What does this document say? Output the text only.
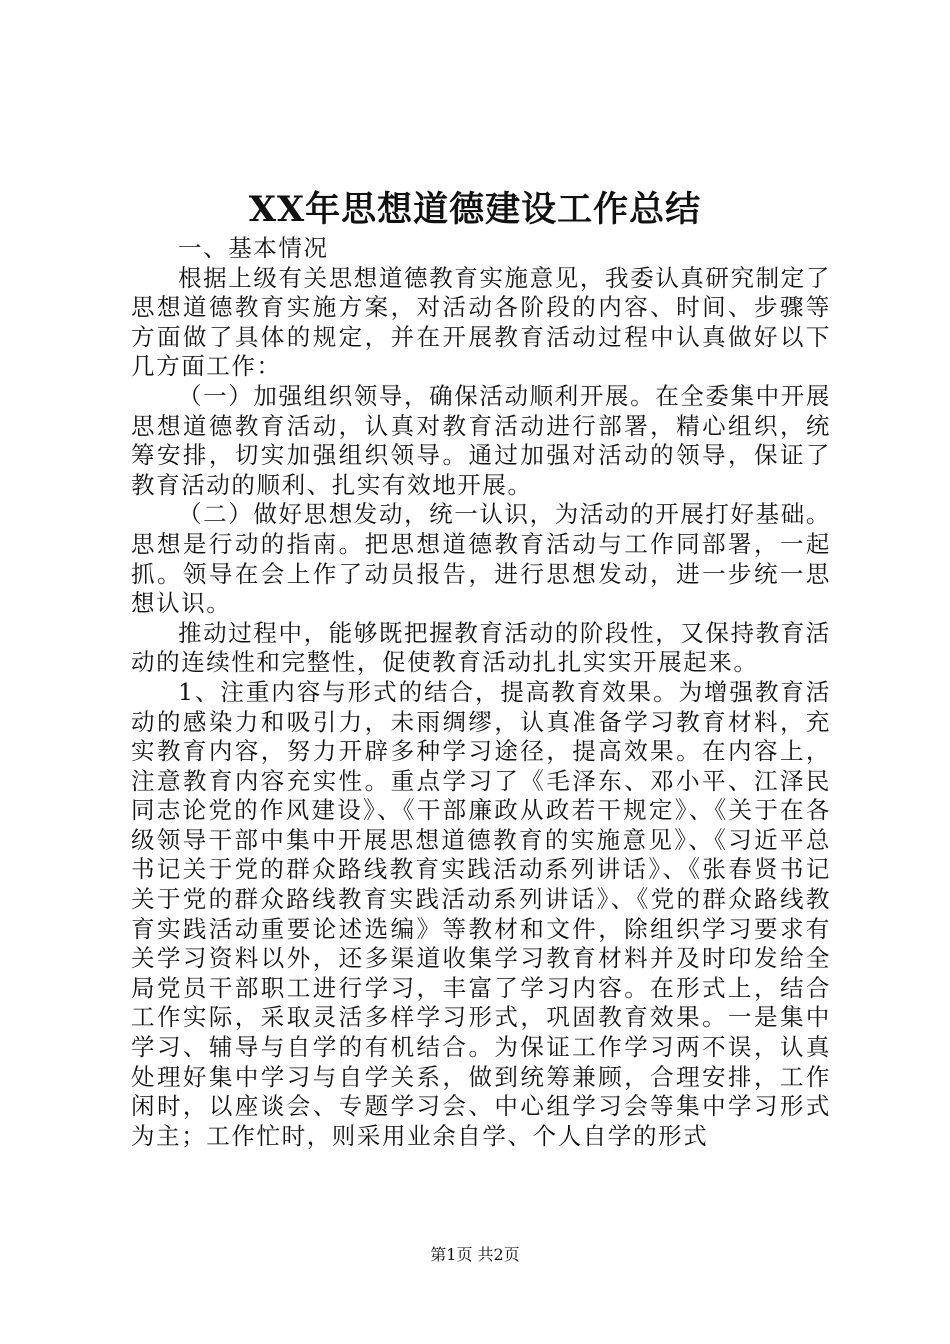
XX年思想道德建设工作总结

一、基本情况

根据上级有关思想道德教育实施意见，我委认真研究制定了思想道德教育实施方案，对活动各阶段的内容、时间、步骤等方面做了具体的规定，并在开展教育活动过程中认真做好以下几方面工作：

（一）加强组织领导，确保活动顺利开展。在全委集中开展思想道德教育活动，认真对教育活动进行部署，精心组织，统筹安排，切实加强组织领导。通过加强对活动的领导，保证了教育活动的顺利、扎实有效地开展。

（二）做好思想发动，统一认识，为活动的开展打好基础。思想是行动的指南。把思想道德教育活动与工作同部署，一起抓。领导在会上作了动员报告，进行思想发动，进一步统一思想认识。

推动过程中，能够既把握教育活动的阶段性，又保持教育活动的连续性和完整性，促使教育活动扎扎实实开展起来。

1、注重内容与形式的结合，提高教育效果。为增强教育活动的感染力和吸引力，未雨绸缪，认真准备学习教育材料，充实教育内容，努力开辟多种学习途径，提高效果。在内容上，注意教育内容充实性。重点学习了《毛泽东、邓小平、江泽民同志论党的作风建设》、《干部廉政从政若干规定》、《关于在各级领导干部中集中开展思想道德教育的实施意见》、《习近平总书记关于党的群众路线教育实践活动系列讲话》、《张春贤书记关于党的群众路线教育实践活动系列讲话》、《党的群众路线教育实践活动重要论述选编》等教材和文件，除组织学习要求有关学习资料以外，还多渠道收集学习教育材料并及时印发给全局党员干部职工进行学习，丰富了学习内容。在形式上，结合工作实际，采取灵活多样学习形式，巩固教育效果。一是集中学习、辅导与自学的有机结合。为保证工作学习两不误，认真处理好集中学习与自学关系，做到统筹兼顾，合理安排，工作闲时，以座谈会、专题学习会、中心组学习会等集中学习形式为主；工作忙时，则采用业余自学、个人自学的形式

第1页 共2页
